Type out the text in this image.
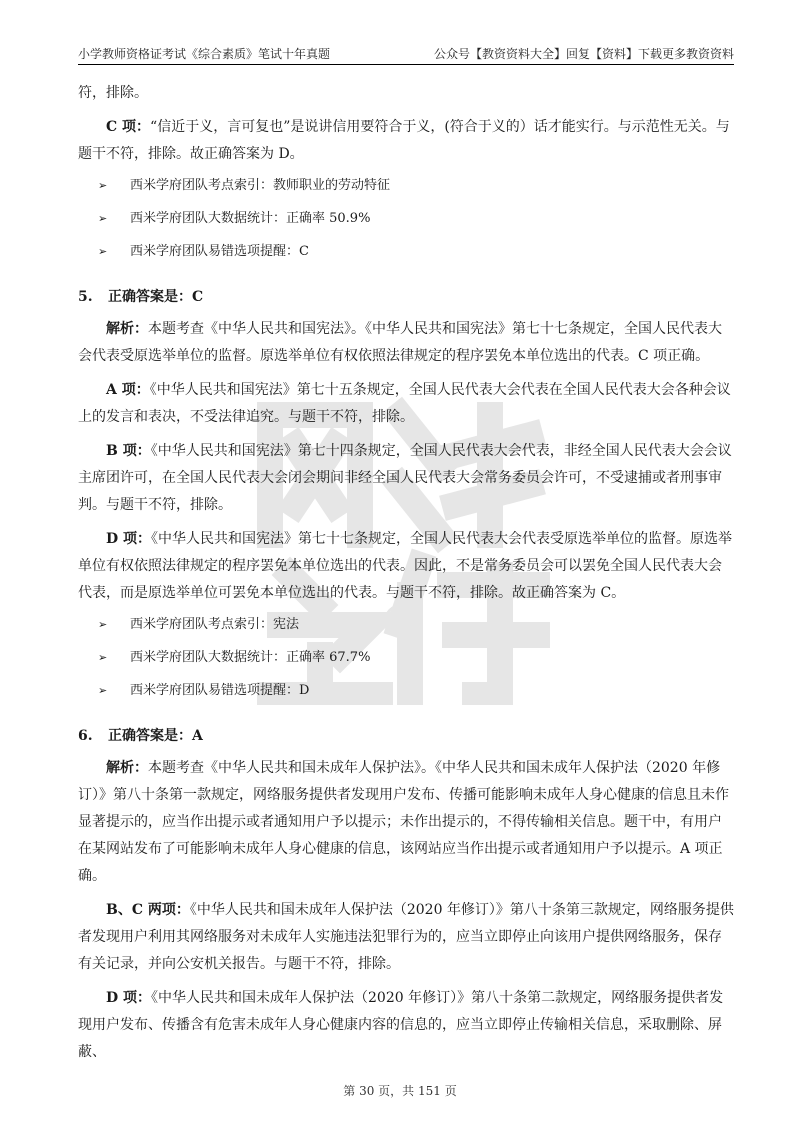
小学教师资格证考试《综合素质》笔试十年真题	公众号【教资资料大全】回复【资料】下载更多教资资料

符，排除。

C 项：“信近于义，言可复也”是说讲信用要符合于义，(符合于义的）话才能实行。与示范性无关。与题干不符，排除。故正确答案为 D。

➢	西米学府团队考点索引：教师职业的劳动特征
➢	西米学府团队大数据统计：正确率 50.9%
➢	西米学府团队易错选项提醒：C
5. 正确答案是：C

解析：本题考查《中华人民共和国宪法》。《中华人民共和国宪法》第七十七条规定，全国人民代表大会代表受原选举单位的监督。原选举单位有权依照法律规定的程序罢免本单位选出的代表。C 项正确。

A 项：《中华人民共和国宪法》第七十五条规定，全国人民代表大会代表在全国人民代表大会各种会议上的发言和表决，不受法律追究。与题干不符，排除。

B 项：《中华人民共和国宪法》第七十四条规定，全国人民代表大会代表，非经全国人民代表大会会议主席团许可，在全国人民代表大会闭会期间非经全国人民代表大会常务委员会许可，不受逮捕或者刑事审判。与题干不符，排除。

D 项：《中华人民共和国宪法》第七十七条规定，全国人民代表大会代表受原选举单位的监督。原选举单位有权依照法律规定的程序罢免本单位选出的代表。因此，不是常务委员会可以罢免全国人民代表大会代表，而是原选举单位可罢免本单位选出的代表。与题干不符，排除。故正确答案为 C。

➢	西米学府团队考点索引：宪法
➢	西米学府团队大数据统计：正确率 67.7%
➢	西米学府团队易错选项提醒：D
6. 正确答案是：A

解析：本题考查《中华人民共和国未成年人保护法》。《中华人民共和国未成年人保护法（2020 年修订）》第八十条第一款规定，网络服务提供者发现用户发布、传播可能影响未成年人身心健康的信息且未作显著提示的，应当作出提示或者通知用户予以提示；未作出提示的，不得传输相关信息。题干中，有用户在某网站发布了可能影响未成年人身心健康的信息，该网站应当作出提示或者通知用户予以提示。A 项正确。

B、C 两项：《中华人民共和国未成年人保护法（2020 年修订）》第八十条第三款规定，网络服务提供者发现用户利用其网络服务对未成年人实施违法犯罪行为的，应当立即停止向该用户提供网络服务，保存有关记录，并向公安机关报告。与题干不符，排除。

D 项：《中华人民共和国未成年人保护法（2020 年修订）》第八十条第二款规定，网络服务提供者发现用户发布、传播含有危害未成年人身心健康内容的信息的，应当立即停止传输相关信息，采取删除、屏蔽、

第 30 页，共 151 页
